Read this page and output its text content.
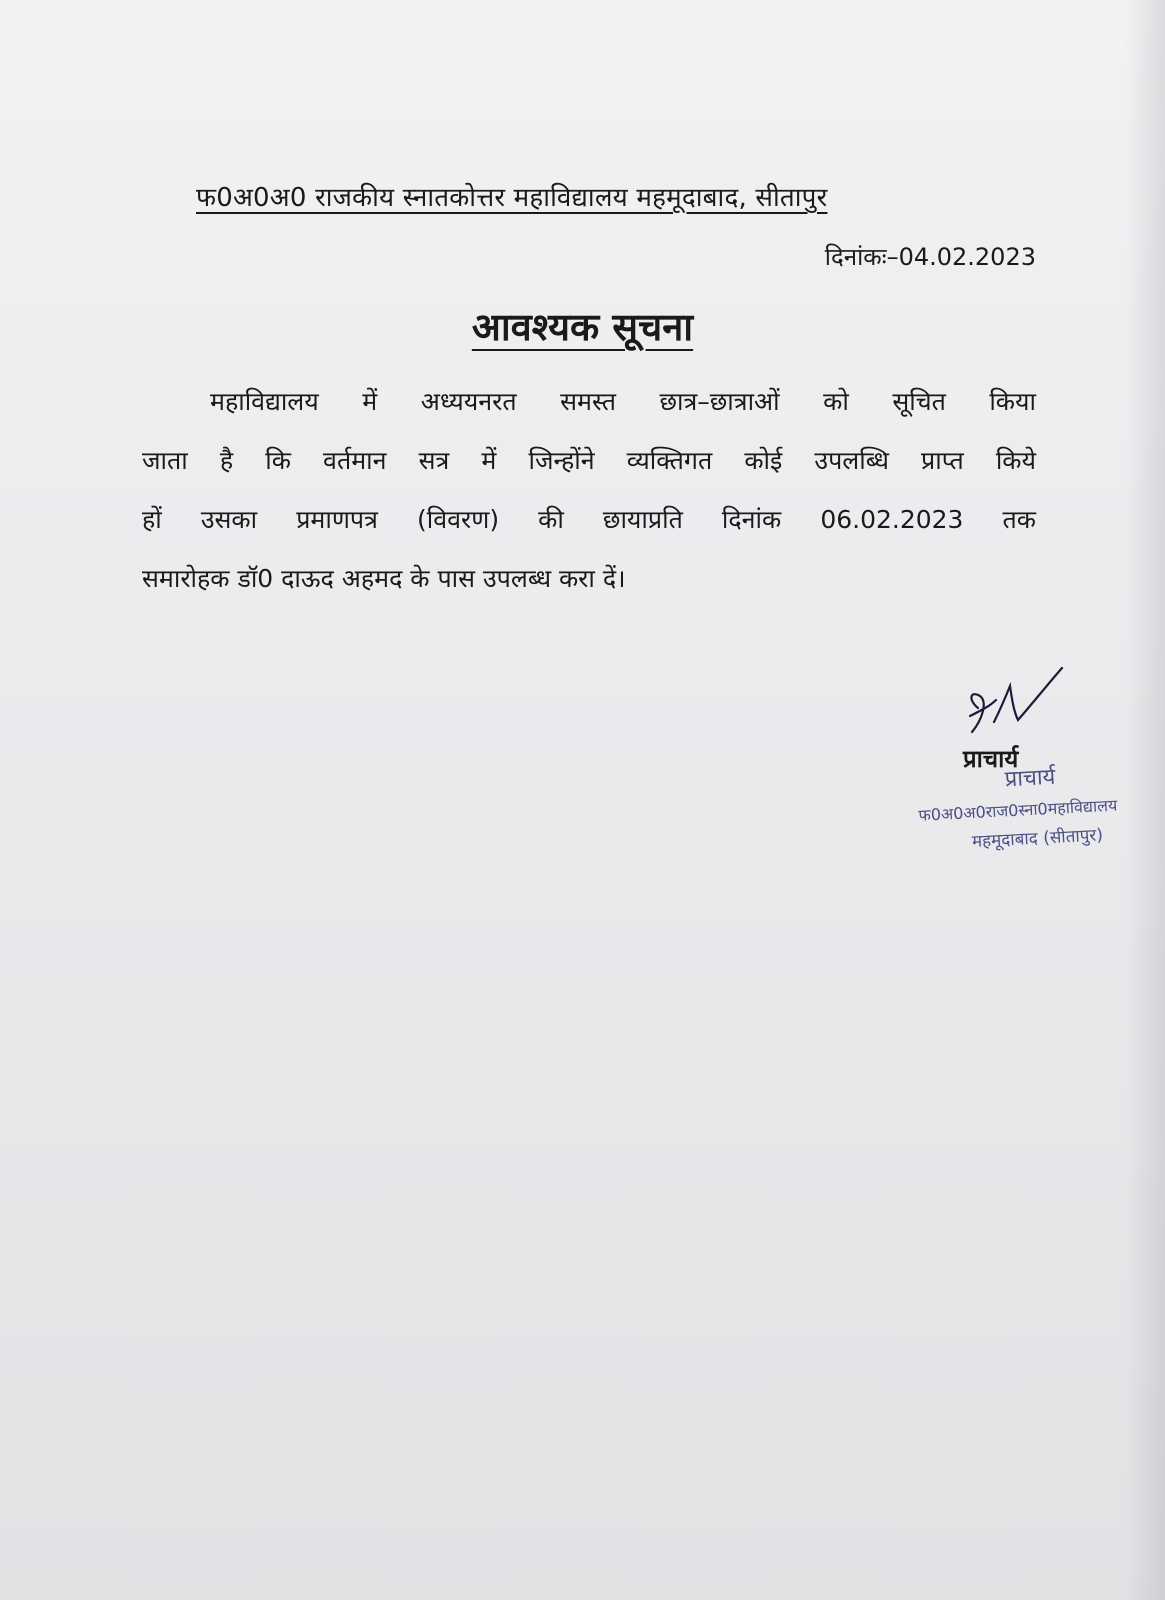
फ0अ0अ0 राजकीय स्नातकोत्तर महाविद्यालय महमूदाबाद, सीतापुर
दिनांकः–04.02.2023
आवश्यक सूचना
महाविद्यालय में अध्ययनरत समस्त छात्र–छात्राओं को सूचित किया
जाता है कि वर्तमान सत्र में जिन्होंने व्यक्तिगत कोई उपलब्धि प्राप्त किये
हों उसका प्रमाणपत्र (विवरण) की छायाप्रति दिनांक 06.02.2023 तक
समारोहक डॉ0 दाऊद अहमद के पास उपलब्ध करा दें।
प्राचार्य
प्राचार्य
फ0अ0अ0राज0स्ना0महाविद्यालय
महमूदाबाद (सीतापुर)
